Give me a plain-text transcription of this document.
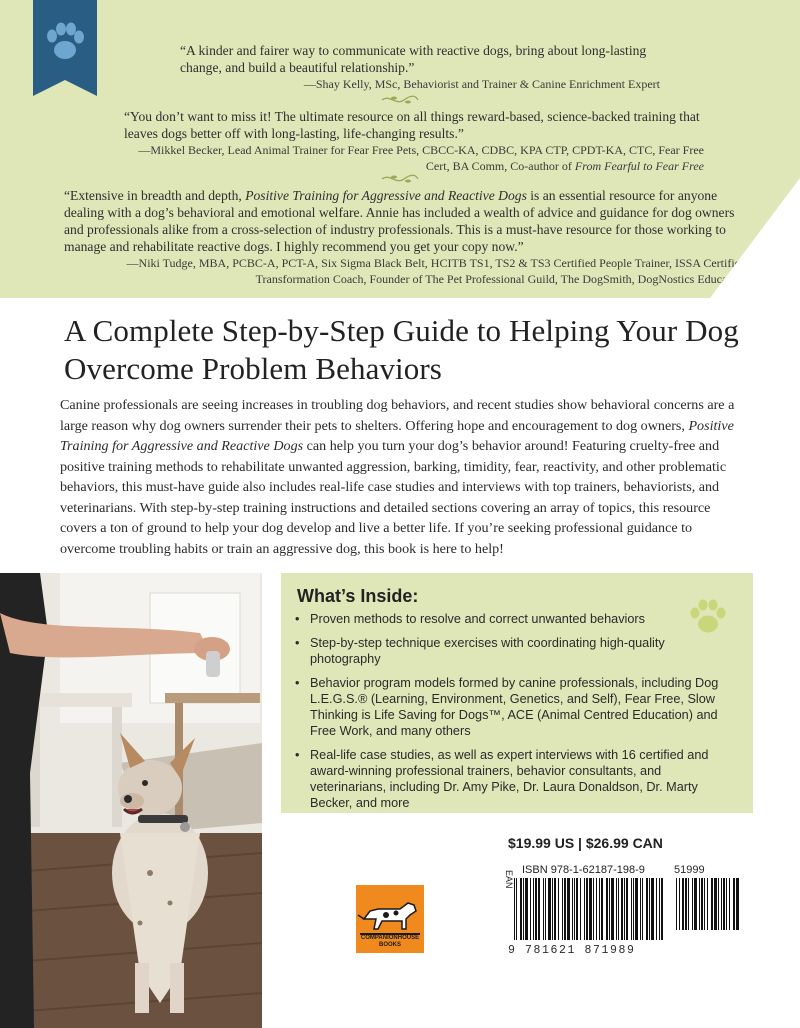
“A kinder and fairer way to communicate with reactive dogs, bring about long-lasting change, and build a beautiful relationship.”

—Shay Kelly, MSc, Behaviorist and Trainer & Canine Enrichment Expert

“You don’t want to miss it! The ultimate resource on all things reward-based, science-backed training that leaves dogs better off with long-lasting, life-changing results.”

—Mikkel Becker, Lead Animal Trainer for Fear Free Pets, CBCC-KA, CDBC, KPA CTP, CPDT-KA, CTC, Fear Free Cert, BA Comm, Co-author of From Fearful to Fear Free

“Extensive in breadth and depth, Positive Training for Aggressive and Reactive Dogs is an essential resource for anyone dealing with a dog’s behavioral and emotional welfare. Annie has included a wealth of advice and guidance for dog owners and professionals alike from a cross-selection of industry professionals. This is a must-have resource for those working to manage and rehabilitate reactive dogs. I highly recommend you get your copy now.”

—Niki Tudge, MBA, PCBC-A, PCT-A, Six Sigma Black Belt, HCITB TS1, TS2 & TS3 Certified People Trainer, ISSA Certified Transformation Coach, Founder of The Pet Professional Guild, The DogSmith, DogNostics Education

A Complete Step-by-Step Guide to Helping Your Dog Overcome Problem Behaviors

Canine professionals are seeing increases in troubling dog behaviors, and recent studies show behavioral concerns are a large reason why dog owners surrender their pets to shelters. Offering hope and encouragement to dog owners, Positive Training for Aggressive and Reactive Dogs can help you turn your dog’s behavior around! Featuring cruelty-free and positive training methods to rehabilitate unwanted aggression, barking, timidity, fear, reactivity, and other problematic behaviors, this must-have guide also includes real-life case studies and interviews with top trainers, behaviorists, and veterinarians. With step-by-step training instructions and detailed sections covering an array of topics, this resource covers a ton of ground to help your dog develop and live a better life. If you’re seeking professional guidance to overcome troubling habits or train an aggressive dog, this book is here to help!

What’s Inside:
• Proven methods to resolve and correct unwanted behaviors
• Step-by-step technique exercises with coordinating high-quality photography
• Behavior program models formed by canine professionals, including Dog L.E.G.S.® (Learning, Environment, Genetics, and Self), Fear Free, Slow Thinking is Life Saving for Dogs™, ACE (Animal Centred Education) and Free Work, and many others
• Real-life case studies, as well as expert interviews with 16 certified and award-winning professional trainers, behavior consultants, and veterinarians, including Dr. Amy Pike, Dr. Laura Donaldson, Dr. Marty Becker, and more
$19.99 US | $26.99 CAN
ISBN 978-1-62187-198-9	51999
EAN
9 781621 871989
COMPANIONHOUSE
BOOKS
